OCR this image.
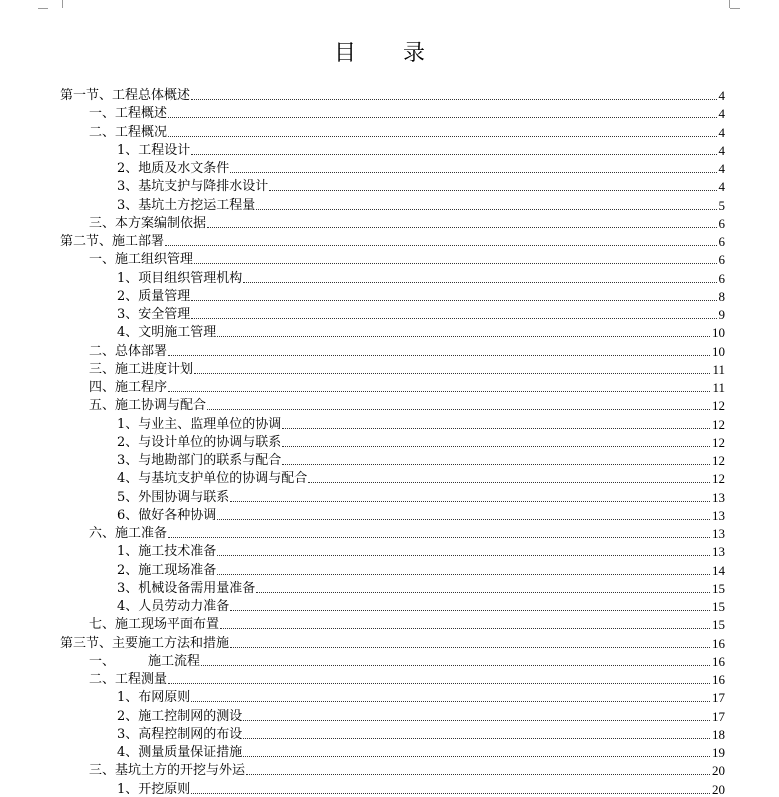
目 录
第一节、工程总体概述	4
一、工程概述	4
二、工程概况	4
1、工程设计	4
2、地质及水文条件	4
3、基坑支护与降排水设计	4
3、基坑土方挖运工程量	5
三、本方案编制依据	6
第二节、施工部署	6
一、施工组织管理	6
1、项目组织管理机构	6
2、质量管理	8
3、安全管理	9
4、文明施工管理	10
二、总体部署	10
三、施工进度计划	11
四、施工程序	11
五、施工协调与配合	12
1、与业主、监理单位的协调	12
2、与设计单位的协调与联系	12
3、与地勘部门的联系与配合	12
4、与基坑支护单位的协调与配合	12
5、外围协调与联系	13
6、做好各种协调	13
六、施工准备	13
1、施工技术准备	13
2、施工现场准备	14
3、机械设备需用量准备	15
4、人员劳动力准备	15
七、施工现场平面布置	15
第三节、主要施工方法和措施	16
一、        施工流程	16
二、工程测量	16
1、布网原则	17
2、施工控制网的测设	17
3、高程控制网的布设	18
4、测量质量保证措施	19
三、基坑土方的开挖与外运	20
1、开挖原则	20
